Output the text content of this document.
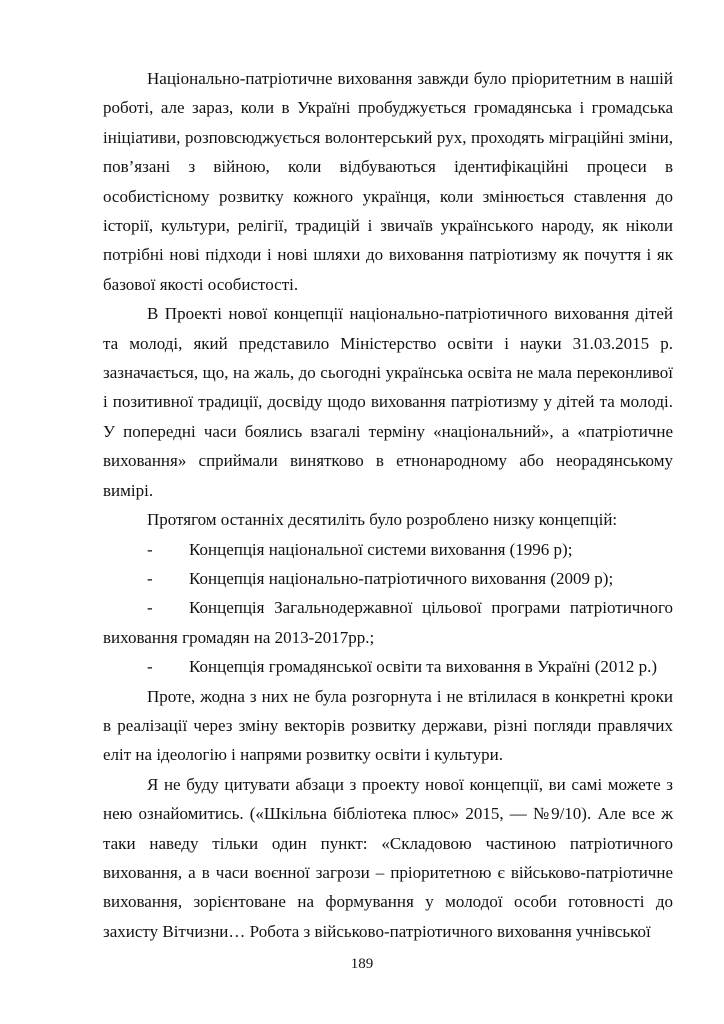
Національно-патріотичне виховання завжди було пріоритетним в нашій роботі, але зараз, коли в Україні пробуджується громадянська і громадська ініціативи, розповсюджується волонтерський рух, проходять міграційні зміни, пов’язані з війною, коли відбуваються ідентифікаційні процеси в особистісному розвитку кожного українця, коли змінюється ставлення до історії, культури, релігії, традицій і звичаїв українського народу, як ніколи потрібні нові підходи і нові шляхи до виховання патріотизму як почуття і як базової якості особистості.

В Проекті нової концепції національно-патріотичного виховання дітей та молоді, який представило Міністерство освіти і науки 31.03.2015 р. зазначається, що, на жаль, до сьогодні українська освіта не мала переконливої і позитивної традиції, досвіду щодо виховання патріотизму у дітей та молоді. У попередні часи боялись взагалі терміну «національний», а «патріотичне виховання» сприймали винятково в етнонародному або неорадянському вимірі.

Протягом останніх десятиліть було розроблено низку концепцій:

- Концепція національної системи виховання (1996 р);

- Концепція національно-патріотичного виховання (2009 р);

- Концепція Загальнодержавної цільової програми патріотичного виховання громадян на 2013-2017рр.;

- Концепція громадянської освіти та виховання в Україні (2012 р.)

Проте, жодна з них не була розгорнута і не втілилася в конкретні кроки в реалізації через зміну векторів розвитку держави, різні погляди правлячих еліт на ідеологію і напрями розвитку освіти і культури.

Я не буду цитувати абзаци з проекту нової концепції, ви самі можете з нею ознайомитись. («Шкільна бібліотека плюс» 2015, — №9/10). Але все ж таки наведу тільки один пункт: «Складовою частиною патріотичного виховання, а в часи воєнної загрози – пріоритетною є військово-патріотичне виховання, зорієнтоване на формування у молодої особи готовності до захисту Вітчизни… Робота з військово-патріотичного виховання учнівської

189
